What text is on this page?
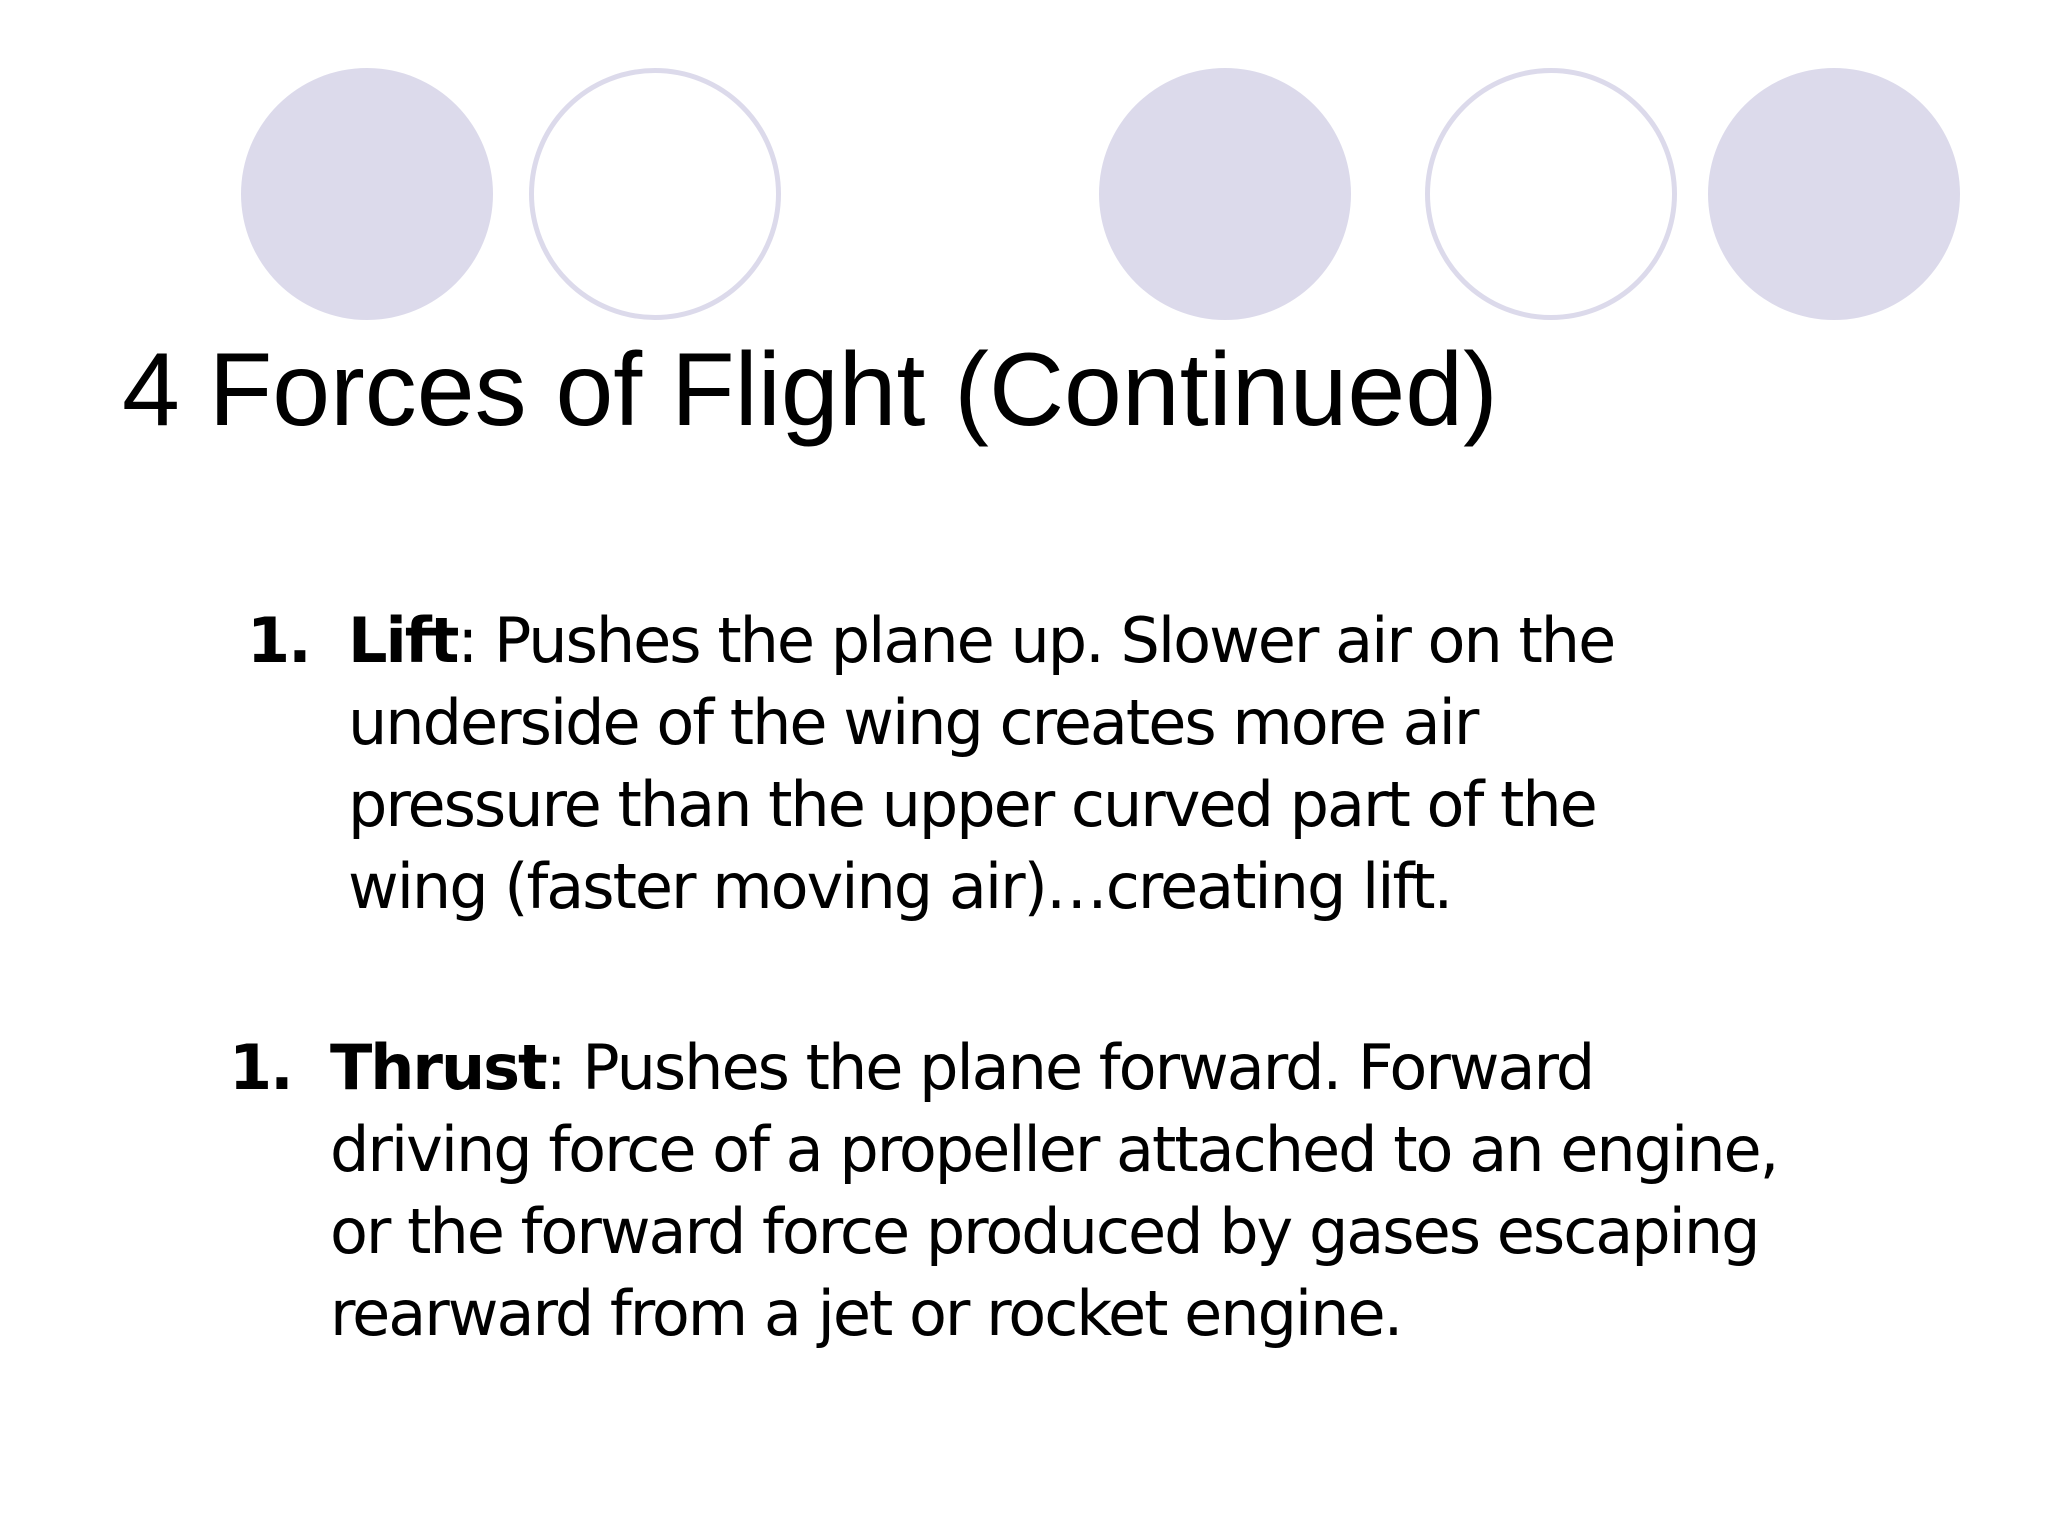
4 Forces of Flight (Continued)
1. Lift: Pushes the plane up. Slower air on the
underside of the wing creates more air
pressure than the upper curved part of the
wing (faster moving air)…creating lift.
1. Thrust: Pushes the plane forward. Forward
driving force of a propeller attached to an engine,
or the forward force produced by gases escaping
rearward from a jet or rocket engine.
